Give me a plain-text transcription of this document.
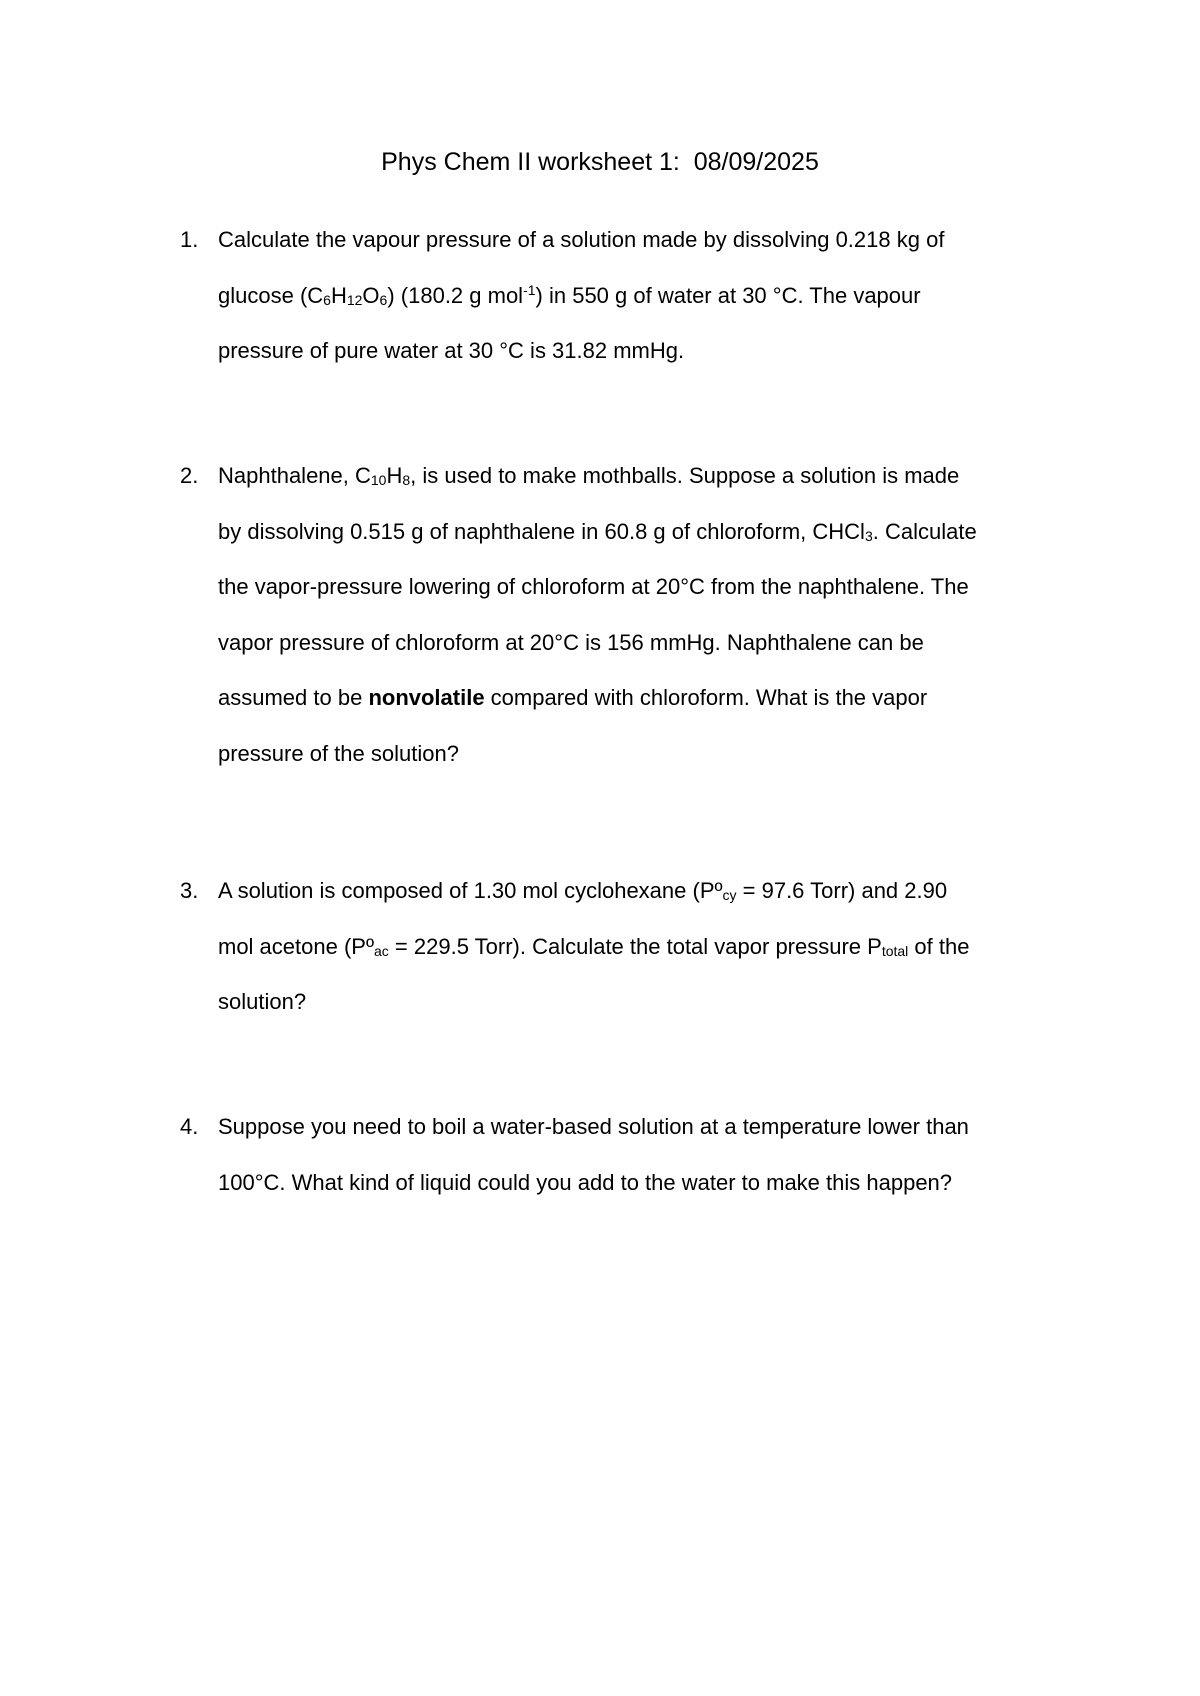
Phys Chem II worksheet 1:  08/09/2025
1. Calculate the vapour pressure of a solution made by dissolving 0.218 kg of
glucose $(C_6H_{12}O_6)$ (180.2 g mol$^{-1}$) in 550 g of water at 30 °C. The vapour
pressure of pure water at 30 °C is 31.82 mmHg.
2. Naphthalene, $C_{10}H_8$, is used to make mothballs. Suppose a solution is made
by dissolving 0.515 g of naphthalene in 60.8 g of chloroform, CHCl$_3$. Calculate
the vapor-pressure lowering of chloroform at 20°C from the naphthalene. The
vapor pressure of chloroform at 20°C is 156 mmHg. Naphthalene can be
assumed to be nonvolatile compared with chloroform. What is the vapor
pressure of the solution?
3. A solution is composed of 1.30 mol cyclohexane (Pº$_{cy}$ = 97.6 Torr) and 2.90
mol acetone (Pº$_{ac}$ = 229.5 Torr). Calculate the total vapor pressure $P_{total}$ of the
solution?
4. Suppose you need to boil a water-based solution at a temperature lower than
100°C. What kind of liquid could you add to the water to make this happen?
